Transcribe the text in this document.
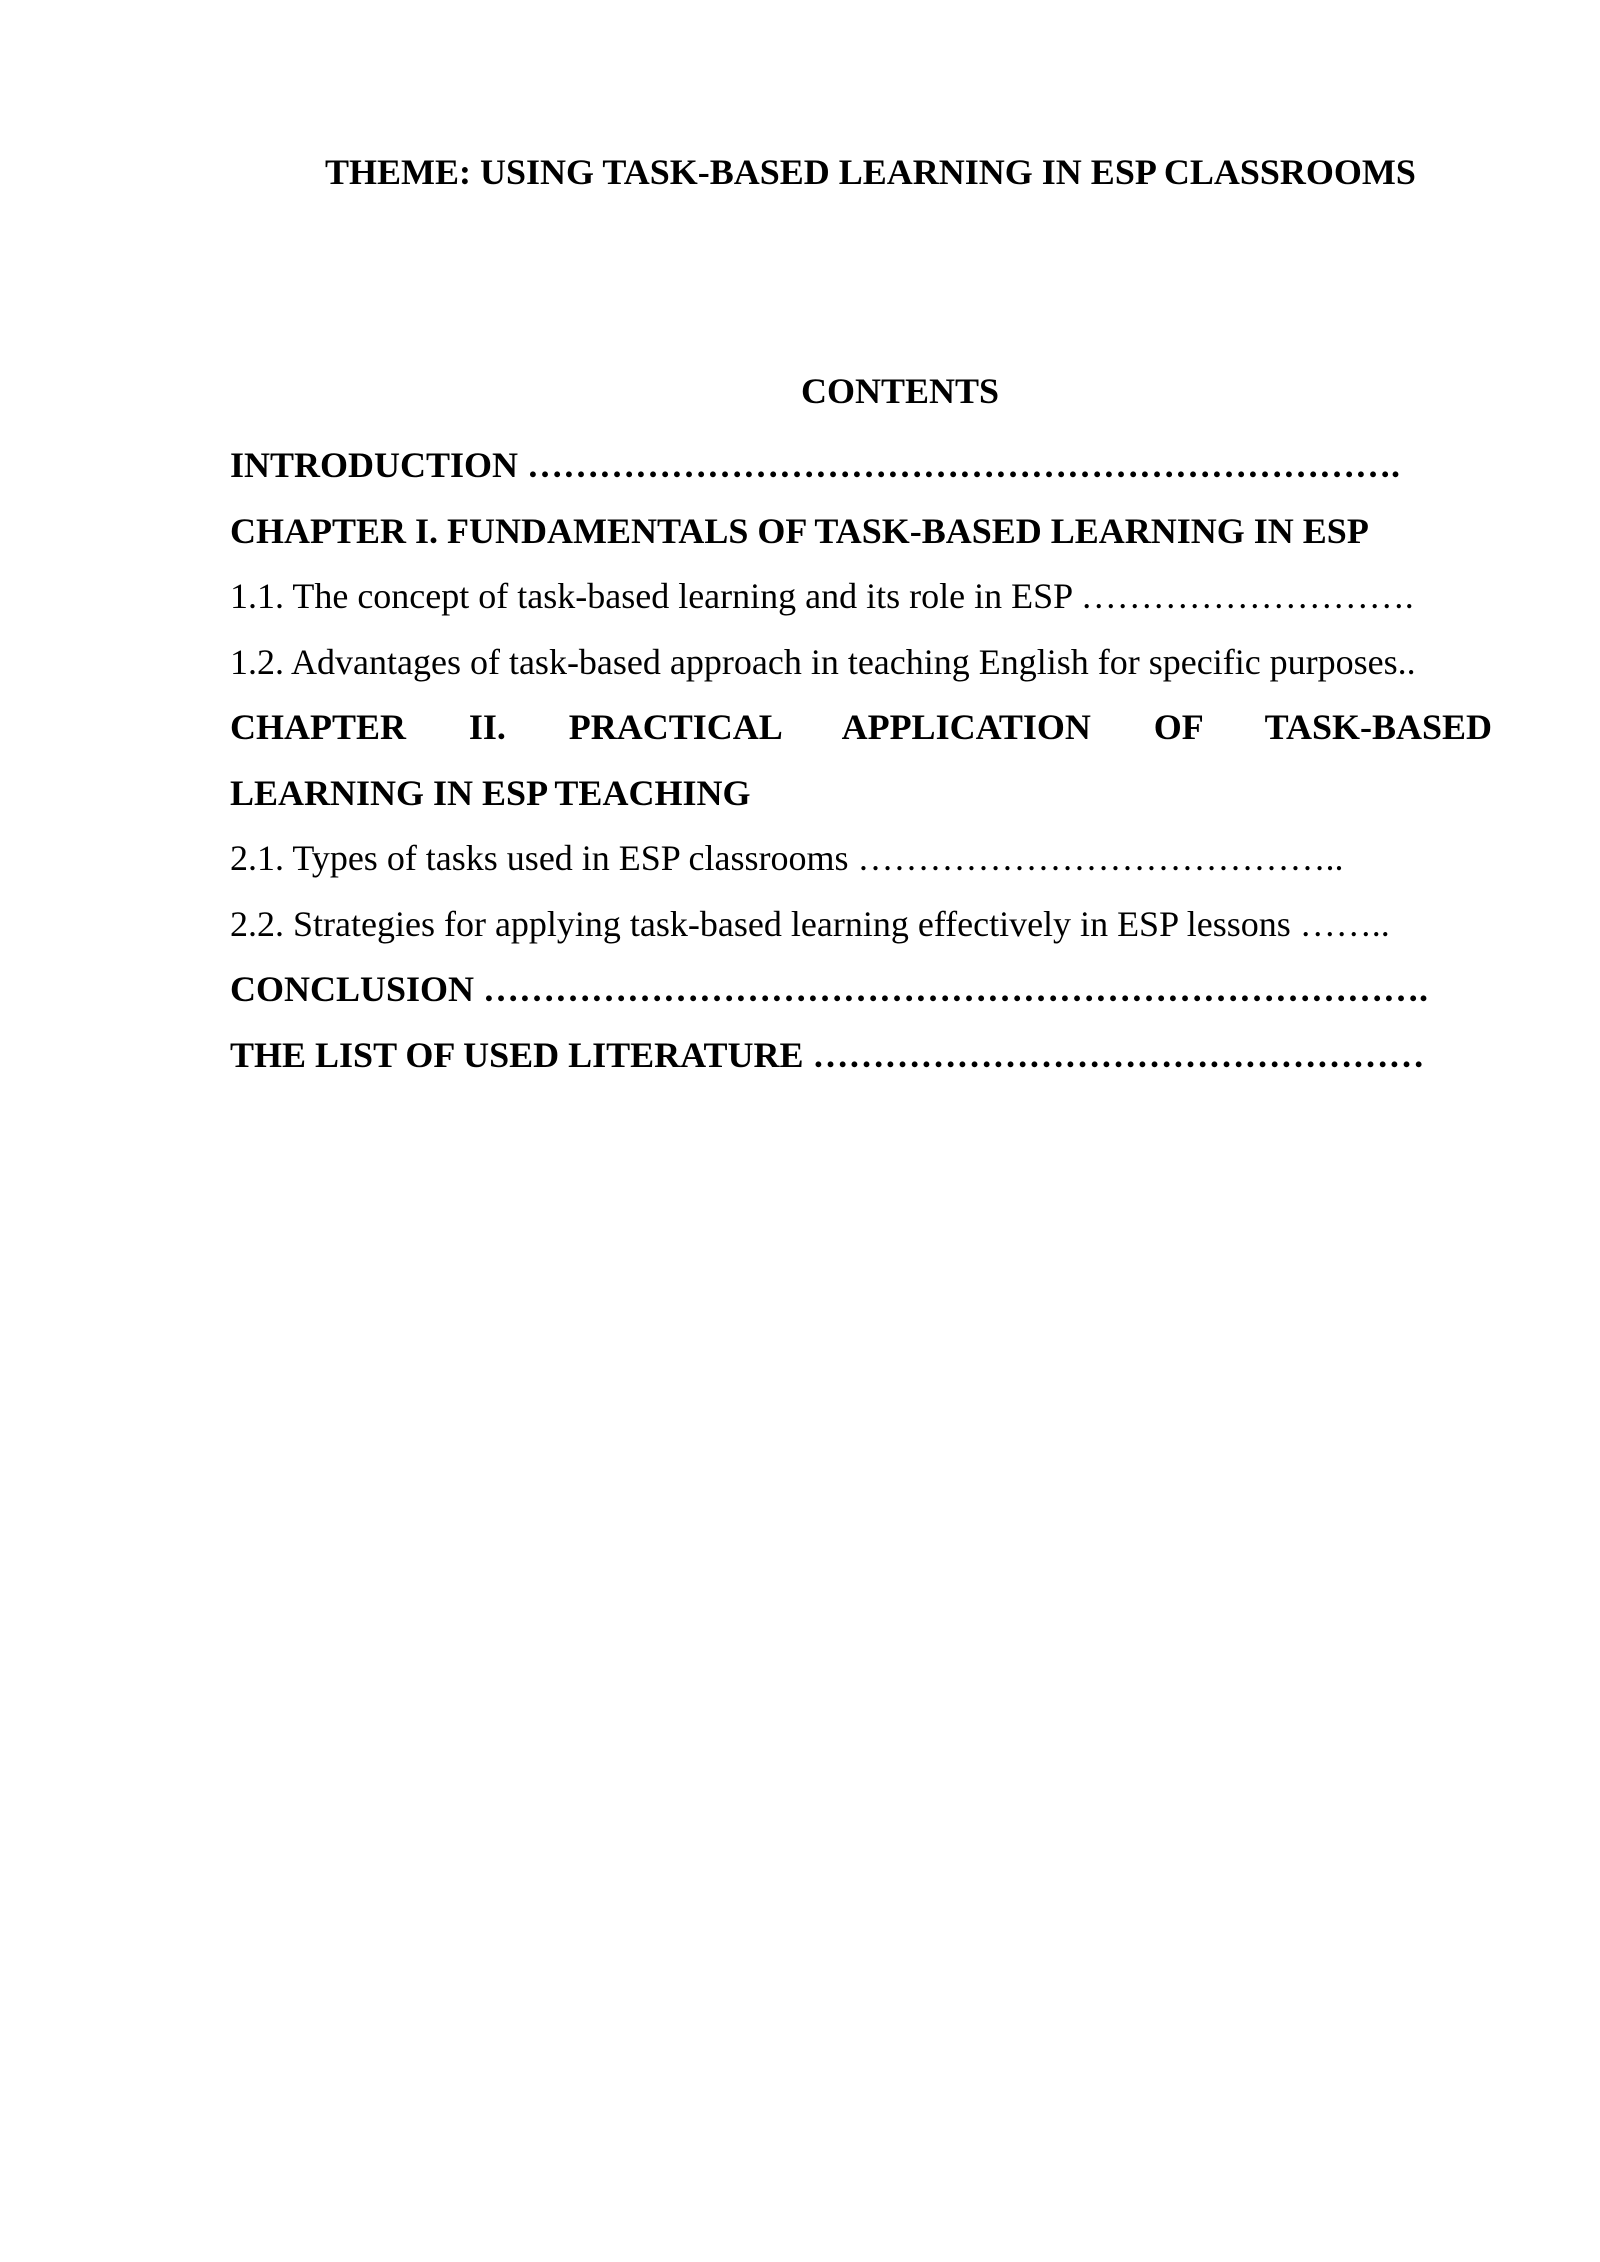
THEME: USING TASK-BASED LEARNING IN ESP CLASSROOMS
CONTENTS
INTRODUCTION ……………………………………………………………….
CHAPTER I. FUNDAMENTALS OF TASK-BASED LEARNING IN ESP
1.1. The concept of task-based learning and its role in ESP ……………………….
1.2. Advantages of task-based approach in teaching English for specific purposes..
CHAPTER II. PRACTICAL APPLICATION OF TASK-BASED
LEARNING IN ESP TEACHING
2.1. Types of tasks used in ESP classrooms …………………………………..
2.2. Strategies for applying task-based learning effectively in ESP lessons ……..
CONCLUSION …………………………………………………………………….
THE LIST OF USED LITERATURE ……………………………………………
